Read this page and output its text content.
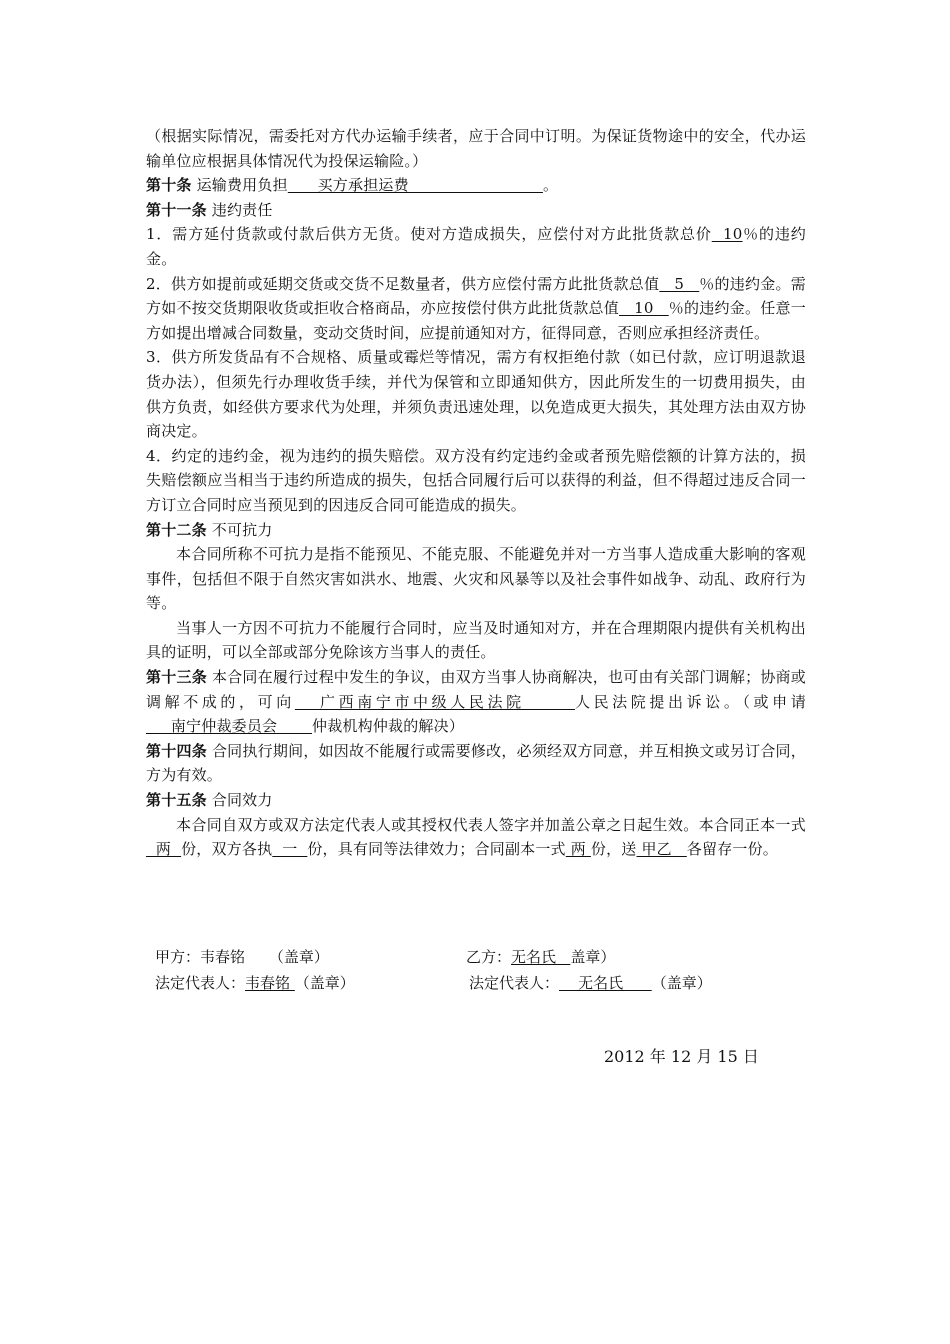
（根据实际情况，需委托对方代办运输手续者，应于合同中订明。为保证货物途中的安全，代办运输单位应根据具体情况代为投保运输险。）

第十条 运输费用负担      买方承担运费                           。

第十一条 违约责任

1．需方延付货款或付款后供方无货。使对方造成损失，应偿付对方此批货款总价  10％的违约金。

2．供方如提前或延期交货或交货不足数量者，供方应偿付需方此批货款总值   5   ％的违约金。需方如不按交货期限收货或拒收合格商品，亦应按偿付供方此批货款总值   10   ％的违约金。任意一方如提出增减合同数量，变动交货时间，应提前通知对方，征得同意，否则应承担经济责任。

3．供方所发货品有不合规格、质量或霉烂等情况，需方有权拒绝付款（如已付款，应订明退款退货办法），但须先行办理收货手续，并代为保管和立即通知供方，因此所发生的一切费用损失，由供方负责，如经供方要求代为处理，并须负责迅速处理，以免造成更大损失，其处理方法由双方协商决定。

4．约定的违约金，视为违约的损失赔偿。双方没有约定违约金或者预先赔偿额的计算方法的，损失赔偿额应当相当于违约所造成的损失，包括合同履行后可以获得的利益，但不得超过违反合同一方订立合同时应当预见到的因违反合同可能造成的损失。

第十二条 不可抗力

本合同所称不可抗力是指不能预见、不能克服、不能避免并对一方当事人造成重大影响的客观事件，包括但不限于自然灾害如洪水、地震、火灾和风暴等以及社会事件如战争、动乱、政府行为等。

当事人一方因不可抗力不能履行合同时，应当及时通知对方，并在合理期限内提供有关机构出具的证明，可以全部或部分免除该方当事人的责任。

第十三条 本合同在履行过程中发生的争议，由双方当事人协商解决，也可由有关部门调解；协商或调解不成的，可向   广西南宁市中级人民法院      人民法院提出诉讼。（或申请     南宁仲裁委员会       仲裁机构仲裁的解决）

第十四条 合同执行期间，如因故不能履行或需要修改，必须经双方同意，并互相换文或另订合同，方为有效。

第十五条 合同效力

本合同自双方或双方法定代表人或其授权代表人签字并加盖公章之日起生效。本合同正本一式  两  份，双方各执  一  份，具有同等法律效力；合同副本一式 两 份，送 甲乙   各留存一份。

甲方：韦春铭     （盖章）	乙方：无名氏   盖章）
法定代表人：韦春铭 （盖章）	法定代表人：    无名氏      （盖章）
2012 年 12 月 15 日
